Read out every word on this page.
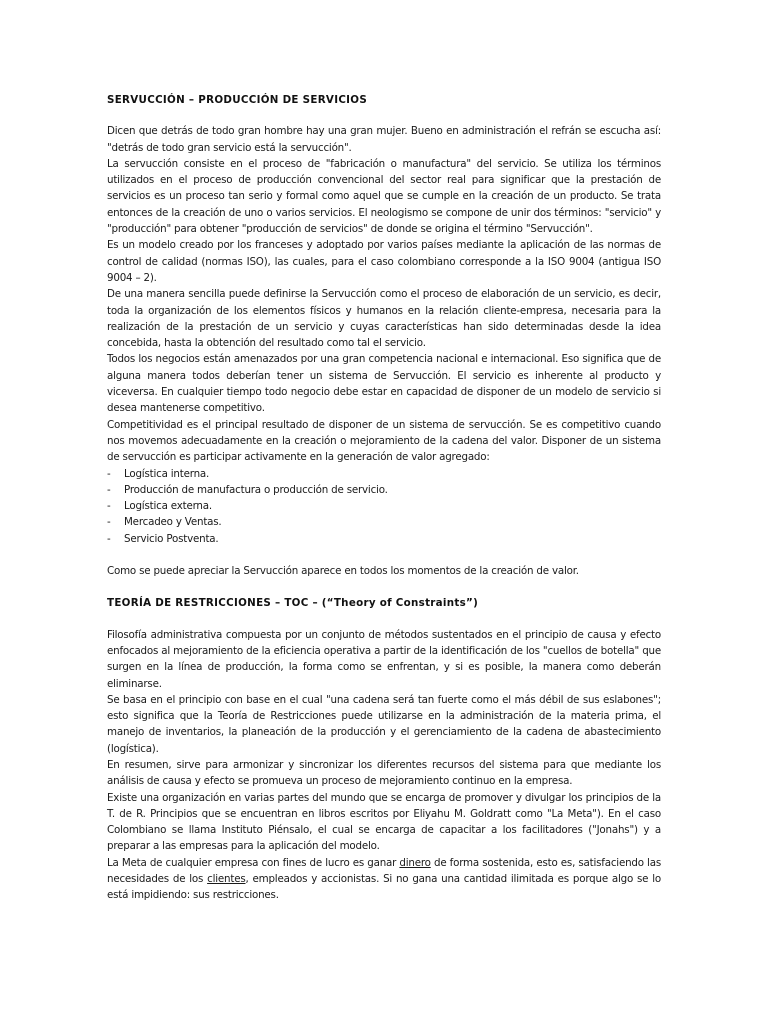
SERVUCCIÓN – PRODUCCIÓN DE SERVICIOS

Dicen que detrás de todo gran hombre hay una gran mujer. Bueno en administración el refrán se escucha así: "detrás de todo gran servicio está la servucción".

La servucción consiste en el proceso de "fabricación o manufactura" del servicio. Se utiliza los términos utilizados en el proceso de producción convencional del sector real para significar que la prestación de servicios es un proceso tan serio y formal como aquel que se cumple en la creación de un producto. Se trata entonces de la creación de uno o varios servicios. El neologismo se compone de unir dos términos: "servicio" y "producción" para obtener "producción de servicios" de donde se origina el término "Servucción".

Es un modelo creado por los franceses y adoptado por varios países mediante la aplicación de las normas de control de calidad (normas ISO), las cuales, para el caso colombiano corresponde a la ISO 9004 (antigua ISO 9004 – 2).

De una manera sencilla puede definirse la Servucción como el proceso de elaboración de un servicio, es decir, toda la organización de los elementos físicos y humanos en la relación cliente-empresa, necesaria para la realización de la prestación de un servicio y cuyas características han sido determinadas desde la idea concebida, hasta la obtención del resultado como tal el servicio.

Todos los negocios están amenazados por una gran competencia nacional e internacional. Eso significa que de alguna manera todos deberían tener un sistema de Servucción. El servicio es inherente al producto y viceversa. En cualquier tiempo todo negocio debe estar en capacidad de disponer de un modelo de servicio si desea mantenerse competitivo.

Competitividad es el principal resultado de disponer de un sistema de servucción. Se es competitivo cuando nos movemos adecuadamente en la creación o mejoramiento de la cadena del valor. Disponer de un sistema de servucción es participar activamente en la generación de valor agregado:

- Logística interna.
- Producción de manufactura o producción de servicio.
- Logística externa.
- Mercadeo y Ventas.
- Servicio Postventa.

Como se puede apreciar la Servucción aparece en todos los momentos de la creación de valor.

TEORÍA DE RESTRICCIONES – TOC – (“Theory of Constraints”)

Filosofía administrativa compuesta por un conjunto de métodos sustentados en el principio de causa y efecto enfocados al mejoramiento de la eficiencia operativa a partir de la identificación de los "cuellos de botella" que surgen en la línea de producción, la forma como se enfrentan, y si es posible, la manera como deberán eliminarse.

Se basa en el principio con base en el cual "una cadena será tan fuerte como el más débil de sus eslabones"; esto significa que la Teoría de Restricciones puede utilizarse en la administración de la materia prima, el manejo de inventarios, la planeación de la producción y el gerenciamiento de la cadena de abastecimiento (logística).

En resumen, sirve para armonizar y sincronizar los diferentes recursos del sistema para que mediante los análisis de causa y efecto se promueva un proceso de mejoramiento continuo en la empresa.

Existe una organización en varias partes del mundo que se encarga de promover y divulgar los principios de la T. de R. Principios que se encuentran en libros escritos por Eliyahu M. Goldratt como "La Meta"). En el caso Colombiano se llama Instituto Piénsalo, el cual se encarga de capacitar a los facilitadores ("Jonahs") y a preparar a las empresas para la aplicación del modelo.

La Meta de cualquier empresa con fines de lucro es ganar dinero de forma sostenida, esto es, satisfaciendo las necesidades de los clientes, empleados y accionistas. Si no gana una cantidad ilimitada es porque algo se lo está impidiendo: sus restricciones.
